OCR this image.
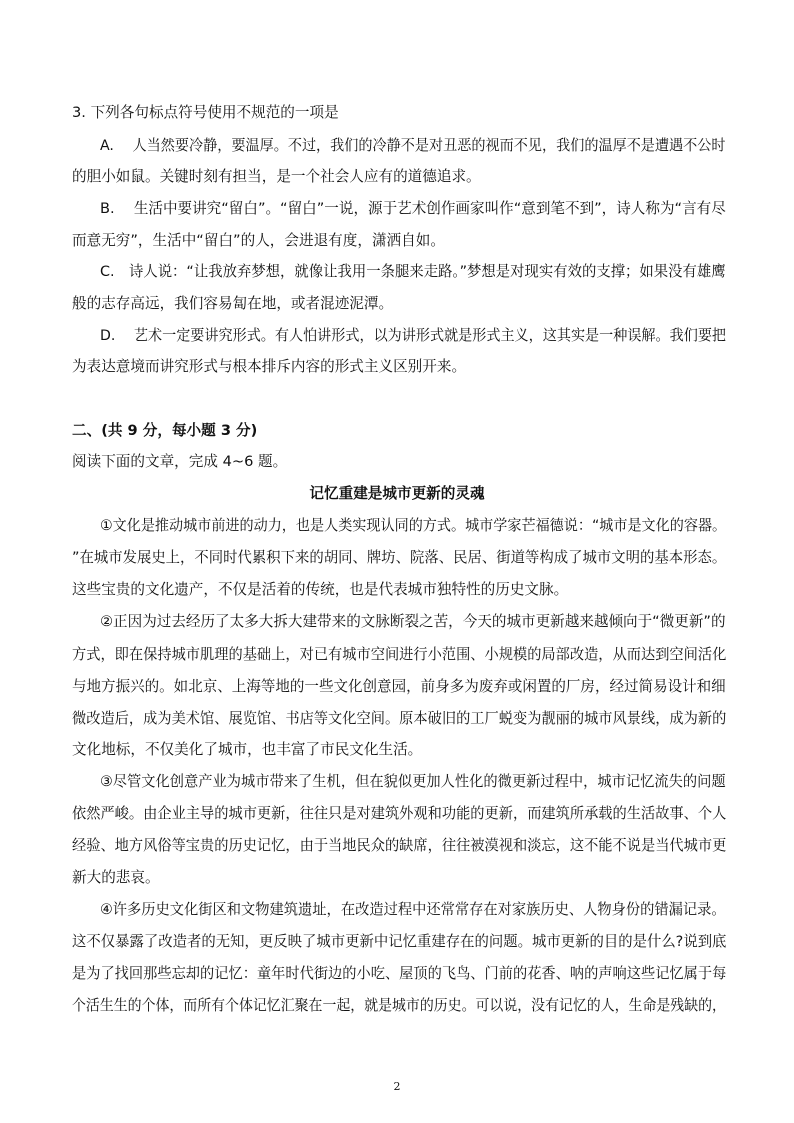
3. 下列各句标点符号使用不规范的一项是
A.　 人当然要冷静，要温厚。不过，我们的冷静不是对丑恶的视而不见，我们的温厚不是遭遇不公时
的胆小如鼠。关键时刻有担当，是一个社会人应有的道德追求。
B.　 生活中要讲究“留白”。“留白”一说，源于艺术创作画家叫作“意到笔不到”，诗人称为“言有尽
而意无穷”，生活中“留白”的人，会进退有度，潇洒自如。
C.　诗人说：“让我放弃梦想，就像让我用一条腿来走路。”梦想是对现实有效的支撑；如果没有雄鹰
般的志存高远，我们容易匐在地，或者混迹泥潭。
D.　 艺术一定要讲究形式。有人怕讲形式，以为讲形式就是形式主义，这其实是一种误解。我们要把
为表达意境而讲究形式与根本排斥内容的形式主义区别开来。
二、(共 9 分，每小题 3 分)
阅读下面的文章，完成 4~6 题。
记忆重建是城市更新的灵魂
①文化是推动城市前进的动力，也是人类实现认同的方式。城市学家芒福德说：“城市是文化的容器。
”在城市发展史上，不同时代累积下来的胡同、牌坊、院落、民居、街道等构成了城市文明的基本形态。
这些宝贵的文化遗产，不仅是活着的传统，也是代表城市独特性的历史文脉。
②正因为过去经历了太多大拆大建带来的文脉断裂之苦，今天的城市更新越来越倾向于“微更新”的
方式，即在保持城市肌理的基础上，对已有城市空间进行小范围、小规模的局部改造，从而达到空间活化
与地方振兴的。如北京、上海等地的一些文化创意园，前身多为废弃或闲置的厂房，经过简易设计和细
微改造后，成为美术馆、展览馆、书店等文化空间。原本破旧的工厂蜕变为靓丽的城市风景线，成为新的
文化地标，不仅美化了城市，也丰富了市民文化生活。
③尽管文化创意产业为城市带来了生机，但在貌似更加人性化的微更新过程中，城市记忆流失的问题
依然严峻。由企业主导的城市更新，往往只是对建筑外观和功能的更新，而建筑所承载的生活故事、个人
经验、地方风俗等宝贵的历史记忆，由于当地民众的缺席，往往被漠视和淡忘，这不能不说是当代城市更
新大的悲哀。
④许多历史文化街区和文物建筑遗址，在改造过程中还常常存在对家族历史、人物身份的错漏记录。
这不仅暴露了改造者的无知，更反映了城市更新中记忆重建存在的问题。城市更新的目的是什么?说到底
是为了找回那些忘却的记忆：童年时代街边的小吃、屋顶的飞鸟、门前的花香、呐的声响这些记忆属于每
个活生生的个体，而所有个体记忆汇聚在一起，就是城市的历史。可以说，没有记忆的人，生命是残缺的，
2
